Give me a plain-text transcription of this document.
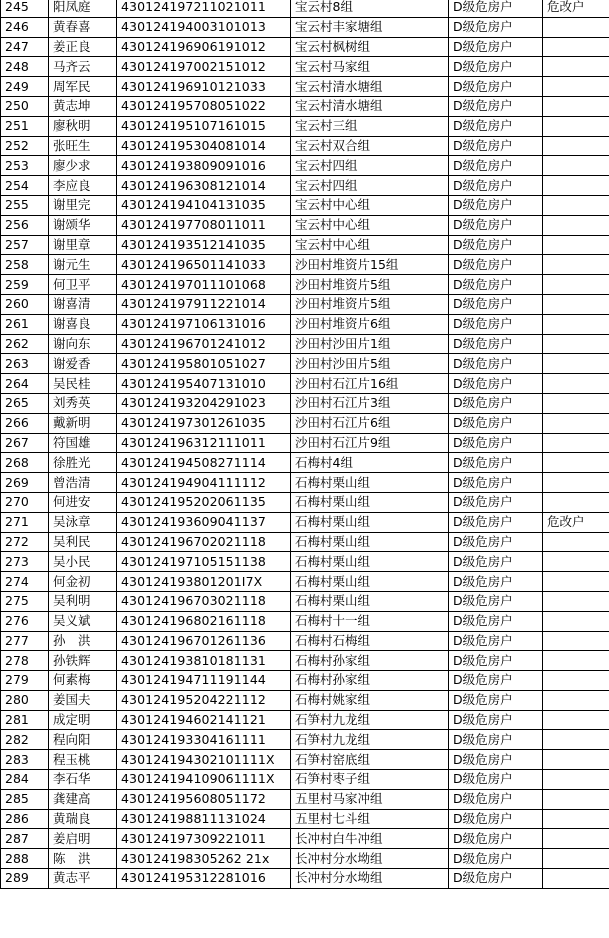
245	阳凤庭	430124197211021011	宝云村8组	D级危房户	危改户
246	黄春喜	430124194003101013	宝云村丰家塘组	D级危房户	
247	姜正良	430124196906191012	宝云村枫树组	D级危房户	
248	马齐云	430124197002151012	宝云村马家组	D级危房户	
249	周军民	430124196910121033	宝云村清水塘组	D级危房户	
250	黄志坤	430124195708051022	宝云村清水塘组	D级危房户	
251	廖秋明	430124195107161015	宝云村三组	D级危房户	
252	张旺生	430124195304081014	宝云村双合组	D级危房户	
253	廖少求	430124193809091016	宝云村四组	D级危房户	
254	李应良	430124196308121014	宝云村四组	D级危房户	
255	谢里完	430124194104131035	宝云村中心组	D级危房户	
256	谢颂华	430124197708011011	宝云村中心组	D级危房户	
257	谢里章	430124193512141035	宝云村中心组	D级危房户	
258	谢元生	430124196501141033	沙田村堆资片15组	D级危房户	
259	何卫平	430124197011101068	沙田村堆资片5组	D级危房户	
260	谢喜清	430124197911221014	沙田村堆资片5组	D级危房户	
261	谢喜良	430124197106131016	沙田村堆资片6组	D级危房户	
262	谢向东	430124196701241012	沙田村沙田片1组	D级危房户	
263	谢爱香	430124195801051027	沙田村沙田片5组	D级危房户	
264	吴民桂	430124195407131010	沙田村石江片16组	D级危房户	
265	刘秀英	430124193204291023	沙田村石江片3组	D级危房户	
266	戴新明	430124197301261035	沙田村石江片6组	D级危房户	
267	符国雄	430124196312111011	沙田村石江片9组	D级危房户	
268	徐胜光	430124194508271114	石梅村4组	D级危房户	
269	曾浩清	430124194904111112	石梅村栗山组	D级危房户	
270	何进安	430124195202061135	石梅村栗山组	D级危房户	
271	吴泳章	430124193609041137	石梅村栗山组	D级危房户	危改户
272	吴利民	430124196702021118	石梅村栗山组	D级危房户	
273	吴小民	430124197105151138	石梅村栗山组	D级危房户	
274	何金初	430124193801201I7X	石梅村栗山组	D级危房户	
275	吴利明	430124196703021118	石梅村栗山组	D级危房户	
276	吴义斌	430124196802161118	石梅村十一组	D级危房户	
277	孙　洪	430124196701261136	石梅村石梅组	D级危房户	
278	孙铁辉	430124193810181131	石梅村孙家组	D级危房户	
279	何素梅	430124194711191144	石梅村孙家组	D级危房户	
280	姜国夫	430124195204221112	石梅村姚家组	D级危房户	
281	成定明	430124194602141121	石笋村九龙组	D级危房户	
282	程向阳	430124193304161111	石笋村九龙组	D级危房户	
283	程玉桃	430124194302101111X	石笋村窑底组	D级危房户	
284	李石华	430124194109061111X	石笋村枣子组	D级危房户	
285	龚建高	430124195608051172	五里村马家冲组	D级危房户	
286	黄瑞良	430124198811131024	五里村七斗组	D级危房户	
287	姜启明	430124197309221011	长冲村白牛冲组	D级危房户	
288	陈　洪	430124198305262 21x	长冲村分水坳组	D级危房户	
289	黄志平	430124195312281016	长冲村分水坳组	D级危房户	
